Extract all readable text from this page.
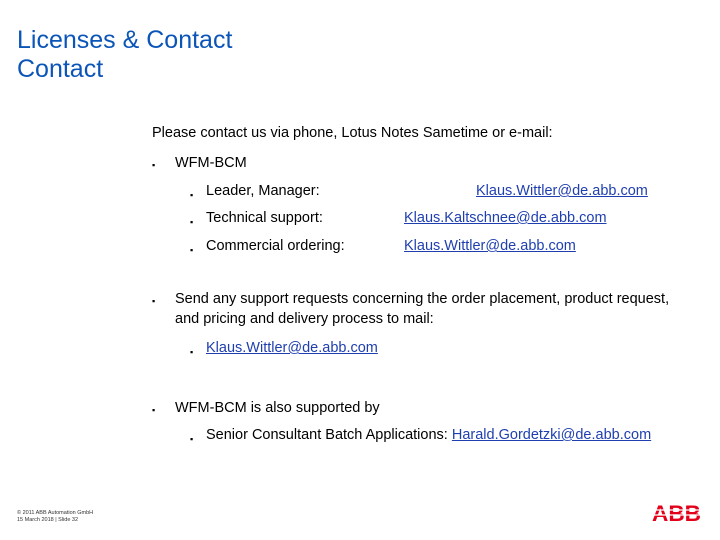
Licenses & Contact
Contact
Please contact us via phone, Lotus Notes Sametime or e-mail:
▪ WFM-BCM
▪ Leader, Manager:	Klaus.Wittler@de.abb.com
▪ Technical support:	Klaus.Kaltschnee@de.abb.com
▪ Commercial ordering:	Klaus.Wittler@de.abb.com
▪ Send any support requests concerning the order placement, product request, and pricing and delivery process to mail:
▪ Klaus.Wittler@de.abb.com
▪ WFM-BCM is also supported by
▪ Senior Consultant Batch Applications: Harald.Gordetzki@de.abb.com
© 2011 ABB Automation GmbH
15 March 2018 | Slide 32	ABB
